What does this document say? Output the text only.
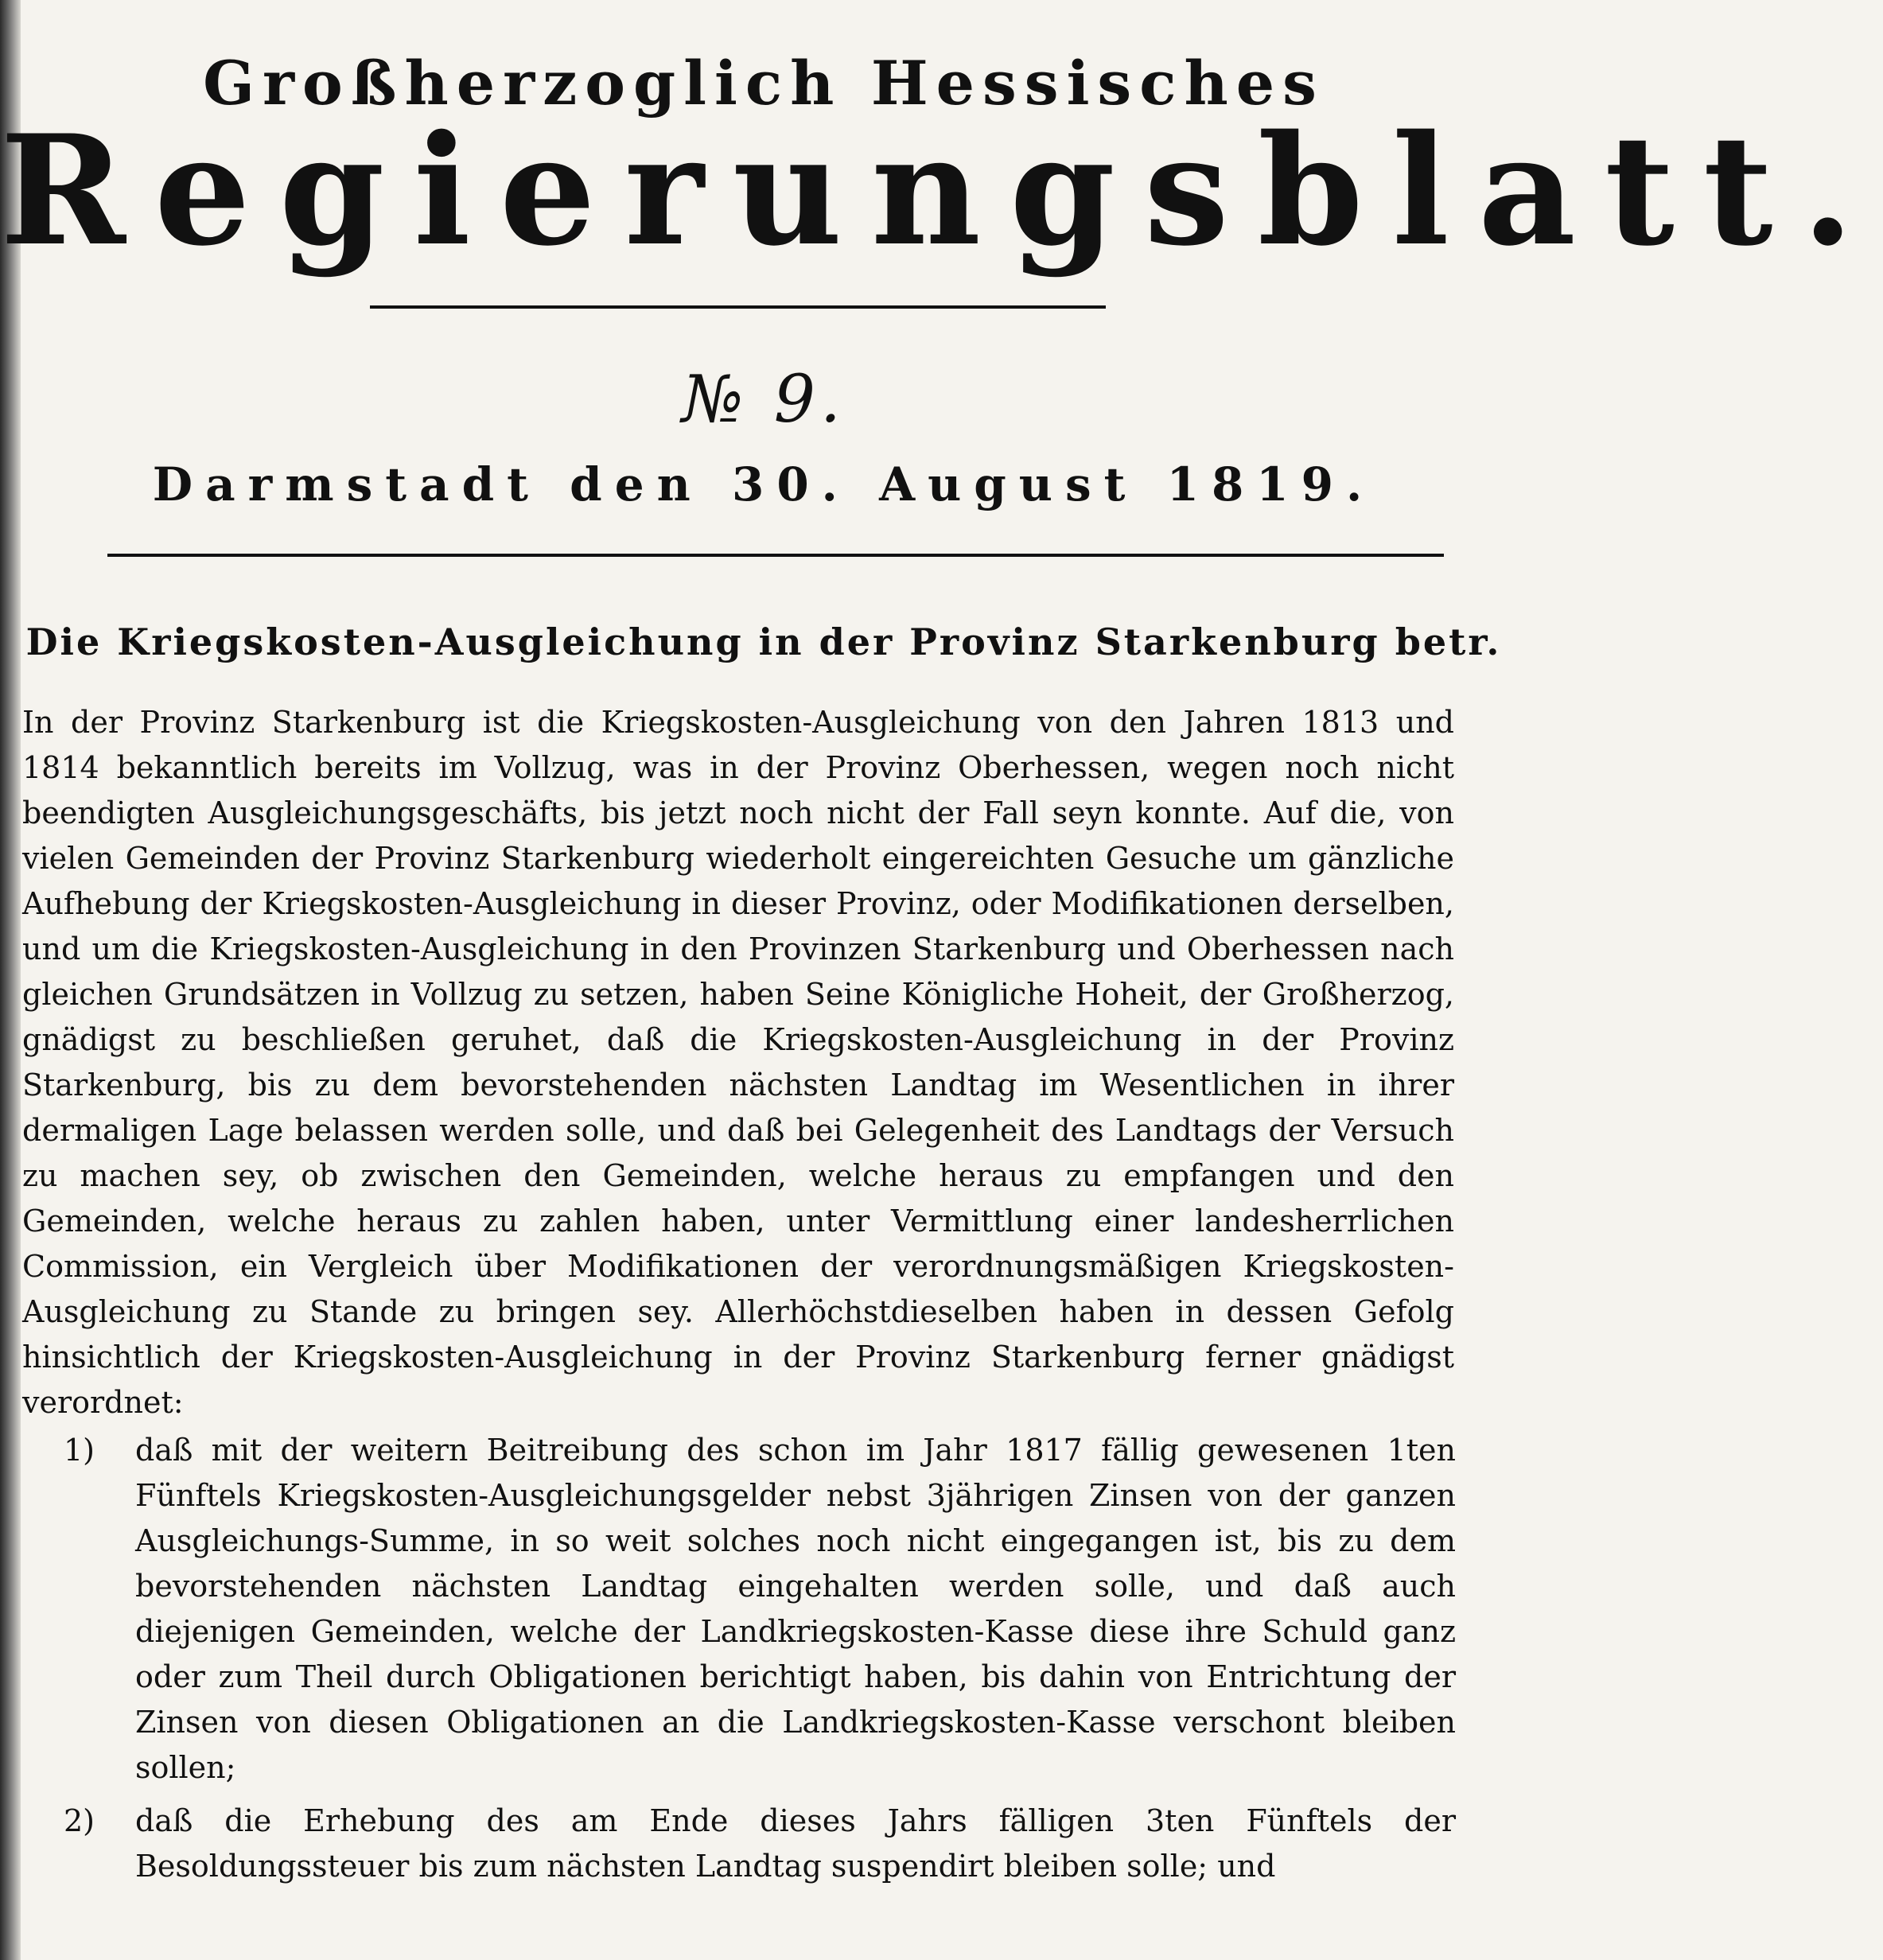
Großherzoglich Hessisches
Regierungsblatt.
№ 9.
Darmstadt den 30. August 1819.
Die Kriegskosten-Ausgleichung in der Provinz Starkenburg betr.

In der Provinz Starkenburg ist die Kriegskosten-Ausgleichung von den Jahren 1813 und 1814 bekanntlich bereits im Vollzug, was in der Provinz Oberhessen, wegen noch nicht beendigten Ausgleichungsgeschäfts, bis jetzt noch nicht der Fall seyn konnte. Auf die, von vielen Gemeinden der Provinz Starkenburg wiederholt eingereichten Gesuche um gänzliche Aufhebung der Kriegskosten-Ausgleichung in dieser Provinz, oder Modifikationen derselben, und um die Kriegskosten-Ausgleichung in den Provinzen Starkenburg und Oberhessen nach gleichen Grundsätzen in Vollzug zu setzen, haben Seine Königliche Hoheit, der Großherzog, gnädigst zu beschließen geruhet, daß die Kriegskosten-Ausgleichung in der Provinz Starkenburg, bis zu dem bevorstehenden nächsten Landtag im Wesentlichen in ihrer dermaligen Lage belassen werden solle, und daß bei Gelegenheit des Landtags der Versuch zu machen sey, ob zwischen den Gemeinden, welche heraus zu empfangen und den Gemeinden, welche heraus zu zahlen haben, unter Vermittlung einer landesherrlichen Commission, ein Vergleich über Modifikationen der verordnungsmäßigen Kriegskosten-Ausgleichung zu Stande zu bringen sey. Allerhöchstdieselben haben in dessen Gefolg hinsichtlich der Kriegskosten-Ausgleichung in der Provinz Starkenburg ferner gnädigst verordnet:

1) daß mit der weitern Beitreibung des schon im Jahr 1817 fällig gewesenen 1ten Fünftels Kriegskosten-Ausgleichungsgelder nebst 3jährigen Zinsen von der ganzen Ausgleichungs-Summe, in so weit solches noch nicht eingegangen ist, bis zu dem bevorstehenden nächsten Landtag eingehalten werden solle, und daß auch diejenigen Gemeinden, welche der Landkriegskosten-Kasse diese ihre Schuld ganz oder zum Theil durch Obligationen berichtigt haben, bis dahin von Entrichtung der Zinsen von diesen Obligationen an die Landkriegskosten-Kasse verschont bleiben sollen;
2) daß die Erhebung des am Ende dieses Jahrs fälligen 3ten Fünftels der Besoldungssteuer bis zum nächsten Landtag suspendirt bleiben solle; und
